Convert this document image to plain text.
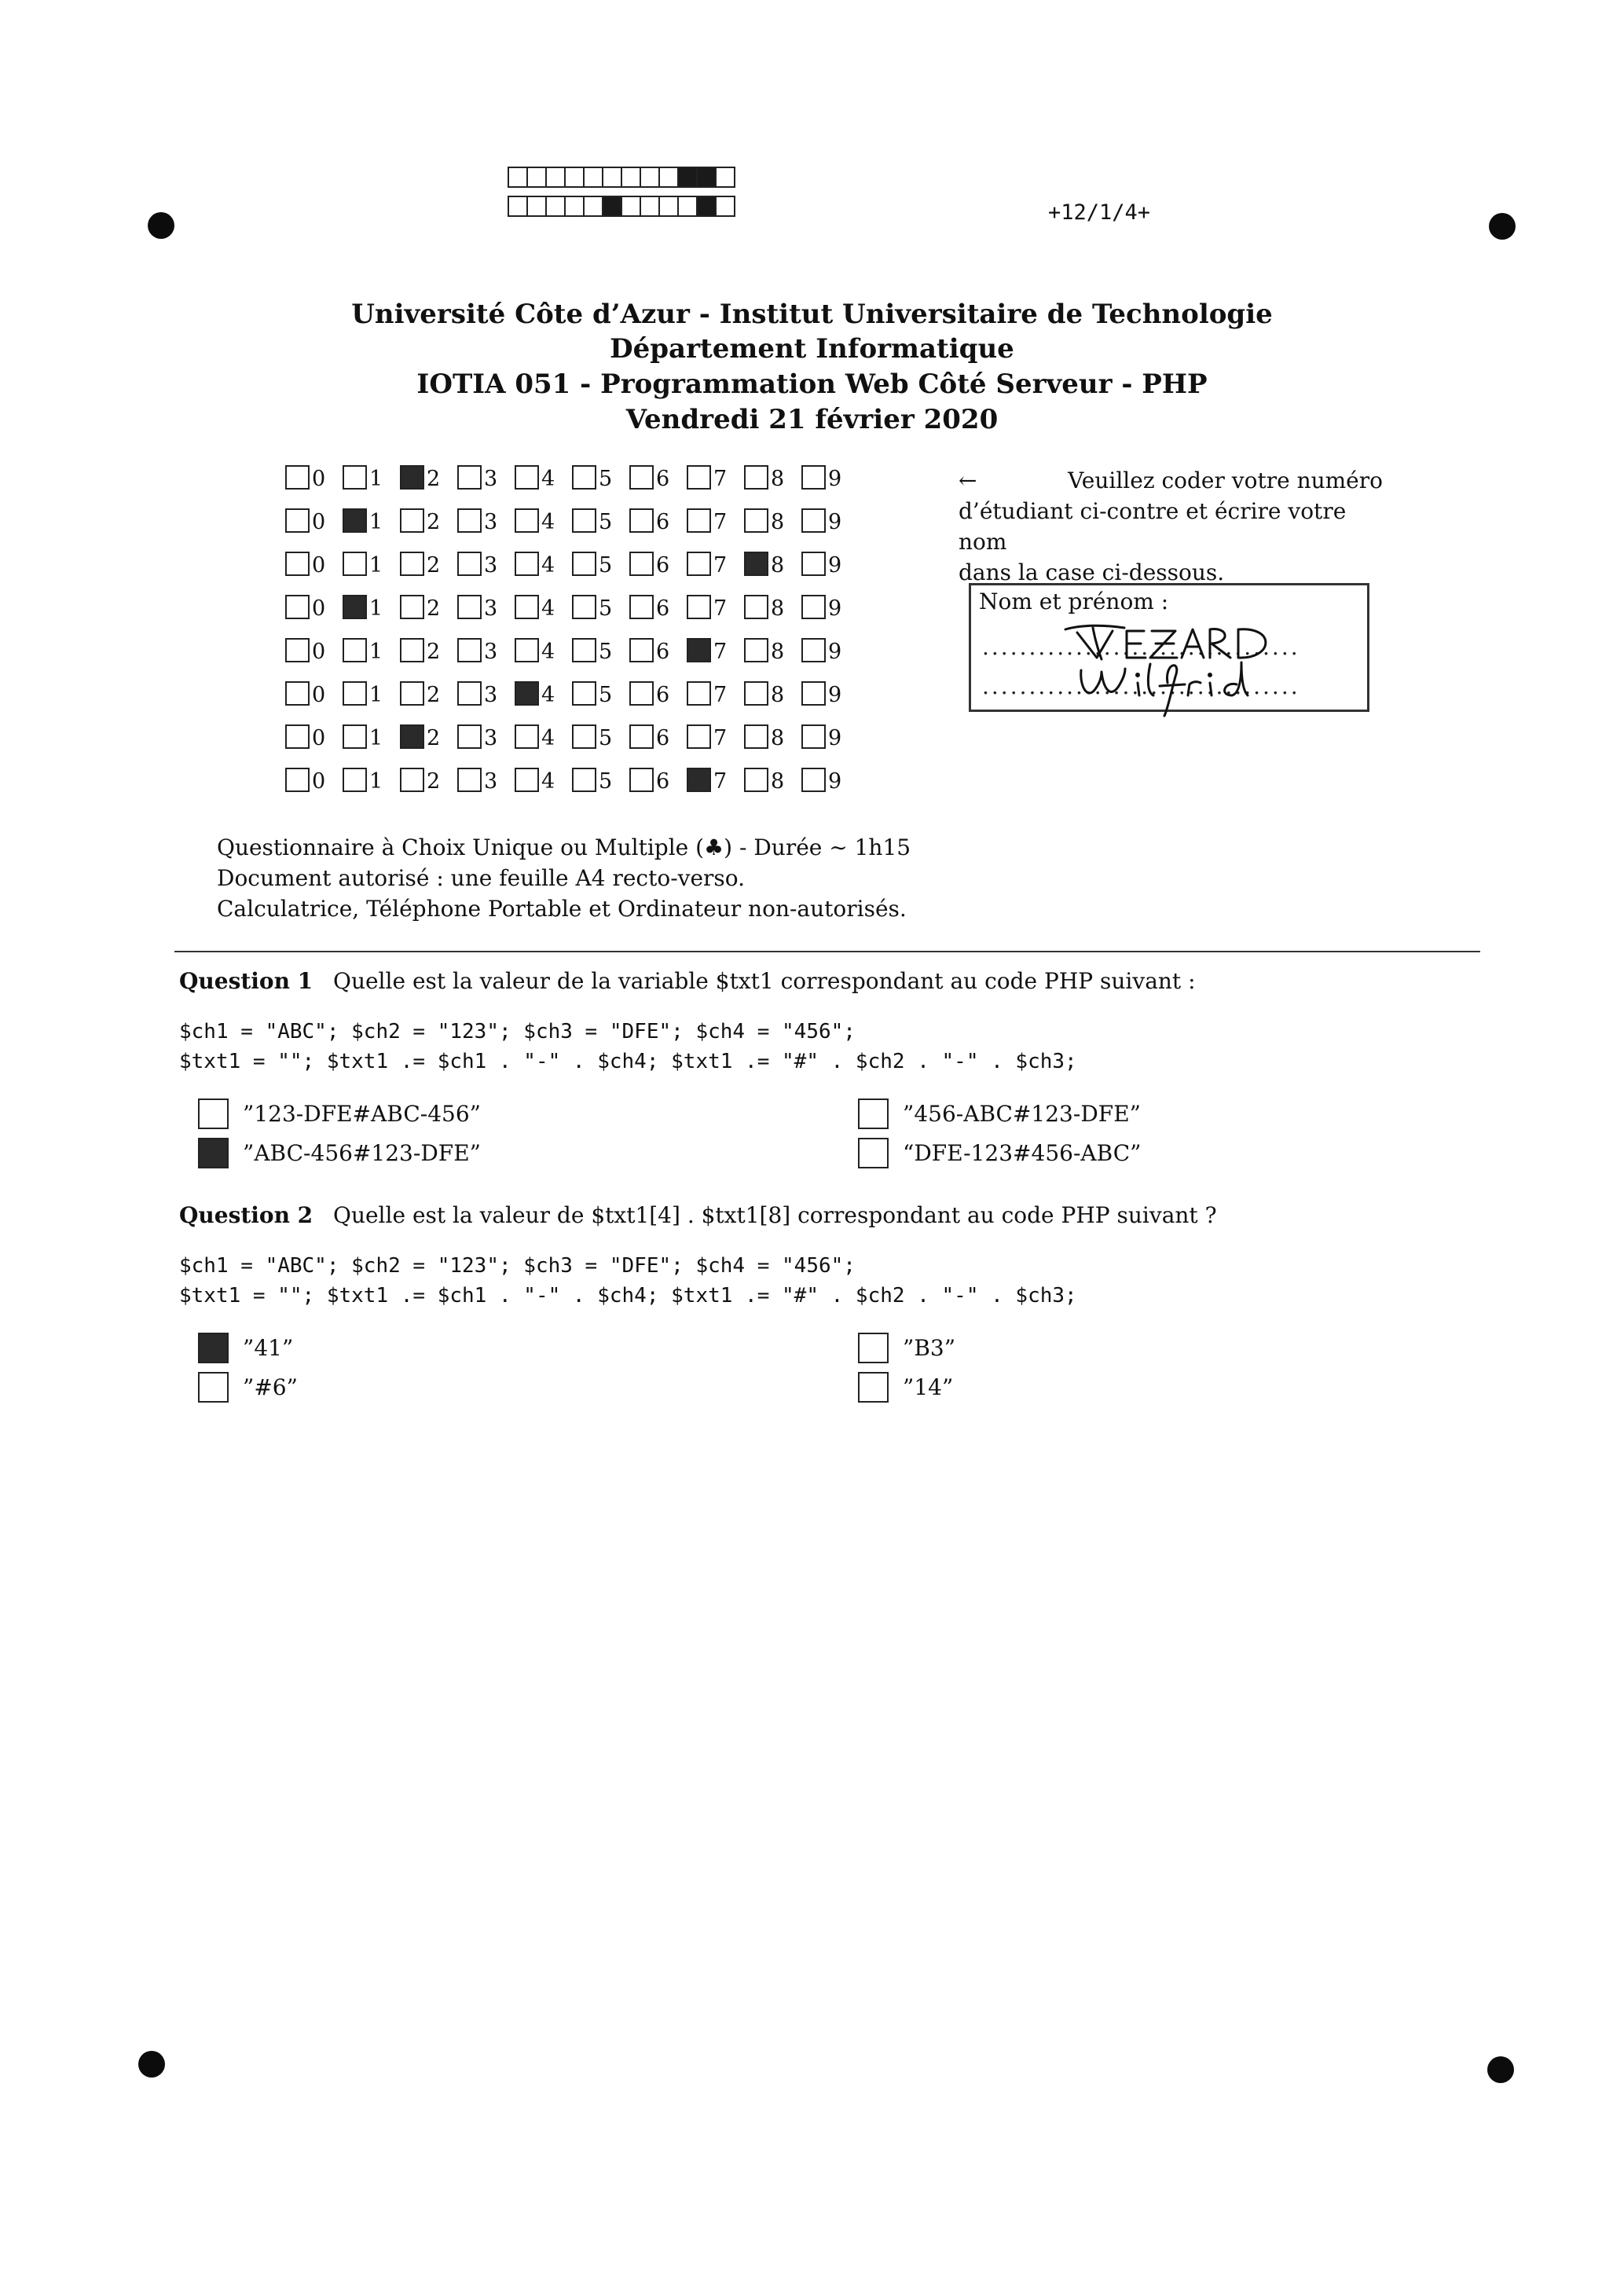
+12/1/4+
Université Côte d’Azur - Institut Universitaire de Technologie
Département Informatique
IOTIA 051 - Programmation Web Côté Serveur - PHP
Vendredi 21 février 2020
0 1 2 3 4 5 6 7 8 9
0 1 2 3 4 5 6 7 8 9
0 1 2 3 4 5 6 7 8 9
0 1 2 3 4 5 6 7 8 9
0 1 2 3 4 5 6 7 8 9
0 1 2 3 4 5 6 7 8 9
0 1 2 3 4 5 6 7 8 9
0 1 2 3 4 5 6 7 8 9
←	Veuillez coder votre numéro
d’étudiant ci-contre et écrire votre nom
dans la case ci-dessous.
Nom et prénom :
..................................
..................................
Questionnaire à Choix Unique ou Multiple (♣) - Durée ∼ 1h15
Document autorisé : une feuille A4 recto-verso.
Calculatrice, Téléphone Portable et Ordinateur non-autorisés.
Question 1 Quelle est la valeur de la variable $txt1 correspondant au code PHP suivant :
$ch1 = "ABC"; $ch2 = "123"; $ch3 = "DFE"; $ch4 = "456";
$txt1 = ""; $txt1 .= $ch1 . "-" . $ch4; $txt1 .= "#" . $ch2 . "-" . $ch3;
”123-DFE#ABC-456”	”456-ABC#123-DFE”
”ABC-456#123-DFE”	“DFE-123#456-ABC”
Question 2 Quelle est la valeur de $txt1[4] . $txt1[8] correspondant au code PHP suivant ?
$ch1 = "ABC"; $ch2 = "123"; $ch3 = "DFE"; $ch4 = "456";
$txt1 = ""; $txt1 .= $ch1 . "-" . $ch4; $txt1 .= "#" . $ch2 . "-" . $ch3;
”41”	”B3”
”#6”	”14”
